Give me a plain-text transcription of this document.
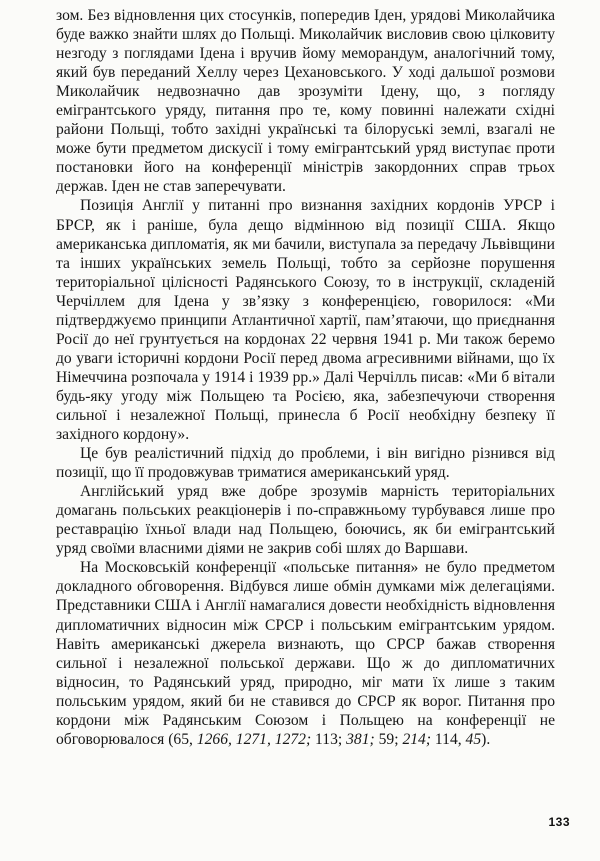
зом. Без відновлення цих стосунків, попередив Іден, урядові Миколайчика буде важко знайти шлях до Польщі. Миколайчик висловив свою цілковиту незгоду з поглядами Ідена і вручив йому меморандум, аналогічний тому, який був переданий Хеллу через Цехановського. У ході дальшої розмови Миколайчик недвозначно дав зрозуміти Ідену, що, з погляду емігрантського уряду, питання про те, кому повинні належати східні райони Польщі, тобто західні українські та білоруські землі, взагалі не може бути предметом дискусії і тому емігрантський уряд виступає проти постановки його на конференції міністрів закордонних справ трьох держав. Іден не став заперечувати.

Позиція Англії у питанні про визнання західних кордонів УРСР і БРСР, як і раніше, була дещо відмінною від позиції США. Якщо американська дипломатія, як ми бачили, виступала за передачу Львівщини та інших українських земель Польщі, тобто за серйозне порушення територіальної цілісності Радянського Союзу, то в інструкції, складеній Черчіллем для Ідена у зв’язку з конференцією, говорилося: «Ми підтверджуємо принципи Атлантичної хартії, пам’ятаючи, що приєднання Росії до неї грунтується на кордонах 22 червня 1941 р. Ми також беремо до уваги історичні кордони Росії перед двома агресивними війнами, що їх Німеччина розпочала у 1914 і 1939 рр.» Далі Черчілль писав: «Ми б вітали будь-яку угоду між Польщею та Росією, яка, забезпечуючи створення сильної і незалежної Польщі, принесла б Росії необхідну безпеку її західного кордону».

Це був реалістичний підхід до проблеми, і він вигідно різнився від позиції, що її продовжував триматися американський уряд.

Англійський уряд вже добре зрозумів марність територіальних домагань польських реакціонерів і по-справжньому турбувався лише про реставрацію їхньої влади над Польщею, боючись, як би емігрантський уряд своїми власними діями не закрив собі шлях до Варшави.

На Московській конференції «польське питання» не було предметом докладного обговорення. Відбувся лише обмін думками між делегаціями. Представники США і Англії намагалися довести необхідність відновлення дипломатичних відносин між СРСР і польським емігрантським урядом. Навіть американські джерела визнають, що СРСР бажав створення сильної і незалежної польської держави. Що ж до дипломатичних відносин, то Радянський уряд, природно, міг мати їх лише з таким польським урядом, який би не ставився до СРСР як ворог. Питання про кордони між Радянським Союзом і Польщею на конференції не обговорювалося (65, 1266, 1271, 1272; 113; 381; 59; 214; 114, 45).

133
